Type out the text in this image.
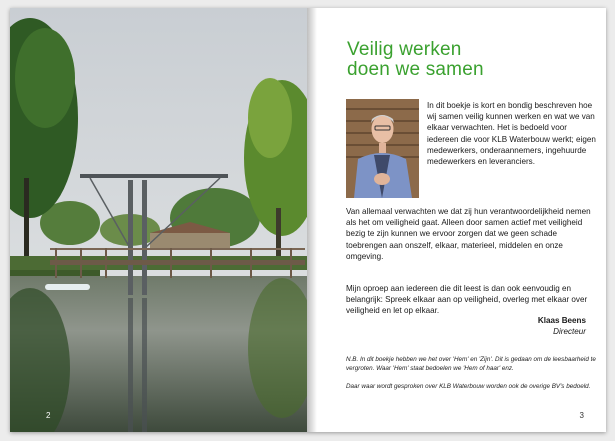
2
Veilig werken
doen we samen

In dit boekje is kort en bondig beschreven hoe wij samen veilig kunnen werken en wat we van elkaar verwachten. Het is bedoeld voor iedereen die voor KLB Waterbouw werkt; eigen medewerkers, onderaannemers, ingehuurde medewerkers en leveranciers.

Van allemaal verwachten we dat zij hun verantwoordelijkheid nemen als het om veiligheid gaat. Alleen door samen actief met veiligheid bezig te zijn kunnen we ervoor zorgen dat we geen schade toebrengen aan onszelf, elkaar, materieel, middelen en onze omgeving.

Mijn oproep aan iedereen die dit leest is dan ook eenvoudig en belangrijk: Spreek elkaar aan op veiligheid, overleg met elkaar over veiligheid en let op elkaar.

Klaas Beens
Directeur

N.B. In dit boekje hebben we het over 'Hem' en 'Zijn'. Dit is gedaan om de leesbaarheid te vergroten. Waar 'Hem' staat bedoelen we 'Hem of haar' enz.

Daar waar wordt gesproken over KLB Waterbouw worden ook de overige BV's bedoeld.

3
